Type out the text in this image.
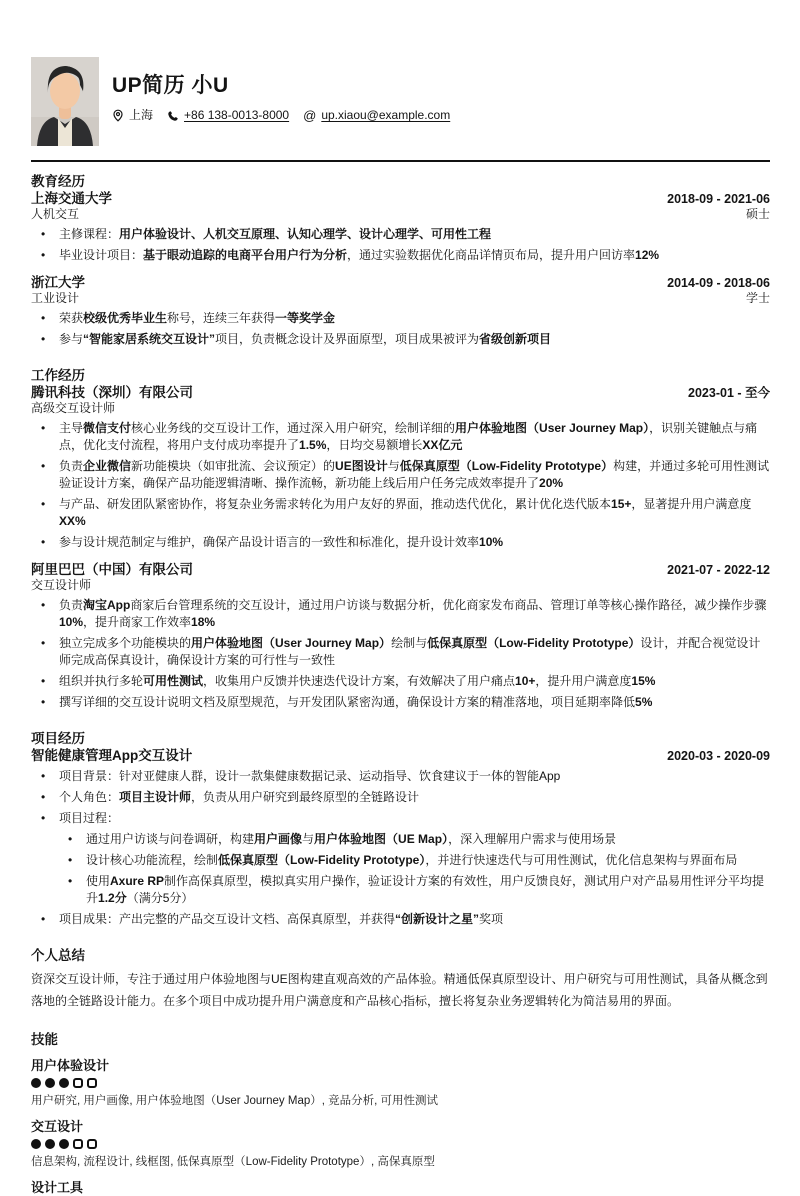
UP简历 小U
上海	+86 138-0013-8000 @ up.xiaou@example.com
教育经历
上海交通大学	2018-09 - 2021-06
人机交互	硕士
•	主修课程：用户体验设计、人机交互原理、认知心理学、设计心理学、可用性工程
•	毕业设计项目：基于眼动追踪的电商平台用户行为分析，通过实验数据优化商品详情页布局，提升用户回访率12%
浙江大学	2014-09 - 2018-06
工业设计	学士
•	荣获校级优秀毕业生称号，连续三年获得一等奖学金
•	参与“智能家居系统交互设计”项目，负责概念设计及界面原型，项目成果被评为省级创新项目
工作经历
腾讯科技（深圳）有限公司	2023-01 - 至今
高级交互设计师
•	主导微信支付核心业务线的交互设计工作，通过深入用户研究，绘制详细的用户体验地图（User Journey Map），识别关键触点与痛点，优化支付流程，将用户支付成功率提升了1.5%，日均交易额增长XX亿元
•	负责企业微信新功能模块（如审批流、会议预定）的UE图设计与低保真原型（Low-Fidelity Prototype）构建，并通过多轮可用性测试验证设计方案，确保产品功能逻辑清晰、操作流畅，新功能上线后用户任务完成效率提升了20%
•	与产品、研发团队紧密协作，将复杂业务需求转化为用户友好的界面，推动迭代优化，累计优化迭代版本15+，显著提升用户满意度XX%
•	参与设计规范制定与维护，确保产品设计语言的一致性和标准化，提升设计效率10%
阿里巴巴（中国）有限公司	2021-07 - 2022-12
交互设计师
•	负责淘宝App商家后台管理系统的交互设计，通过用户访谈与数据分析，优化商家发布商品、管理订单等核心操作路径，减少操作步骤10%，提升商家工作效率18%
•	独立完成多个功能模块的用户体验地图（User Journey Map）绘制与低保真原型（Low-Fidelity Prototype）设计，并配合视觉设计师完成高保真设计，确保设计方案的可行性与一致性
•	组织并执行多轮可用性测试，收集用户反馈并快速迭代设计方案，有效解决了用户痛点10+，提升用户满意度15%
•	撰写详细的交互设计说明文档及原型规范，与开发团队紧密沟通，确保设计方案的精准落地，项目延期率降低5%
项目经历
智能健康管理App交互设计	2020-03 - 2020-09
•	项目背景：针对亚健康人群，设计一款集健康数据记录、运动指导、饮食建议于一体的智能App
•	个人角色：项目主设计师，负责从用户研究到最终原型的全链路设计
•	项目过程：
•	通过用户访谈与问卷调研，构建用户画像与用户体验地图（UE Map），深入理解用户需求与使用场景
•	设计核心功能流程，绘制低保真原型（Low-Fidelity Prototype），并进行快速迭代与可用性测试，优化信息架构与界面布局
•	使用Axure RP制作高保真原型，模拟真实用户操作，验证设计方案的有效性，用户反馈良好，测试用户对产品易用性评分平均提升1.2分（满分5分）
•	项目成果：产出完整的产品交互设计文档、高保真原型，并获得“创新设计之星”奖项
个人总结
资深交互设计师，专注于通过用户体验地图与UE图构建直观高效的产品体验。精通低保真原型设计、用户研究与可用性测试，具备从概念到落地的全链路设计能力。在多个项目中成功提升用户满意度和产品核心指标，擅长将复杂业务逻辑转化为简洁易用的界面。
技能
用户体验设计
用户研究, 用户画像, 用户体验地图（User Journey Map）, 竞品分析, 可用性测试
交互设计
信息架构, 流程设计, 线框图, 低保真原型（Low-Fidelity Prototype）, 高保真原型
设计工具
